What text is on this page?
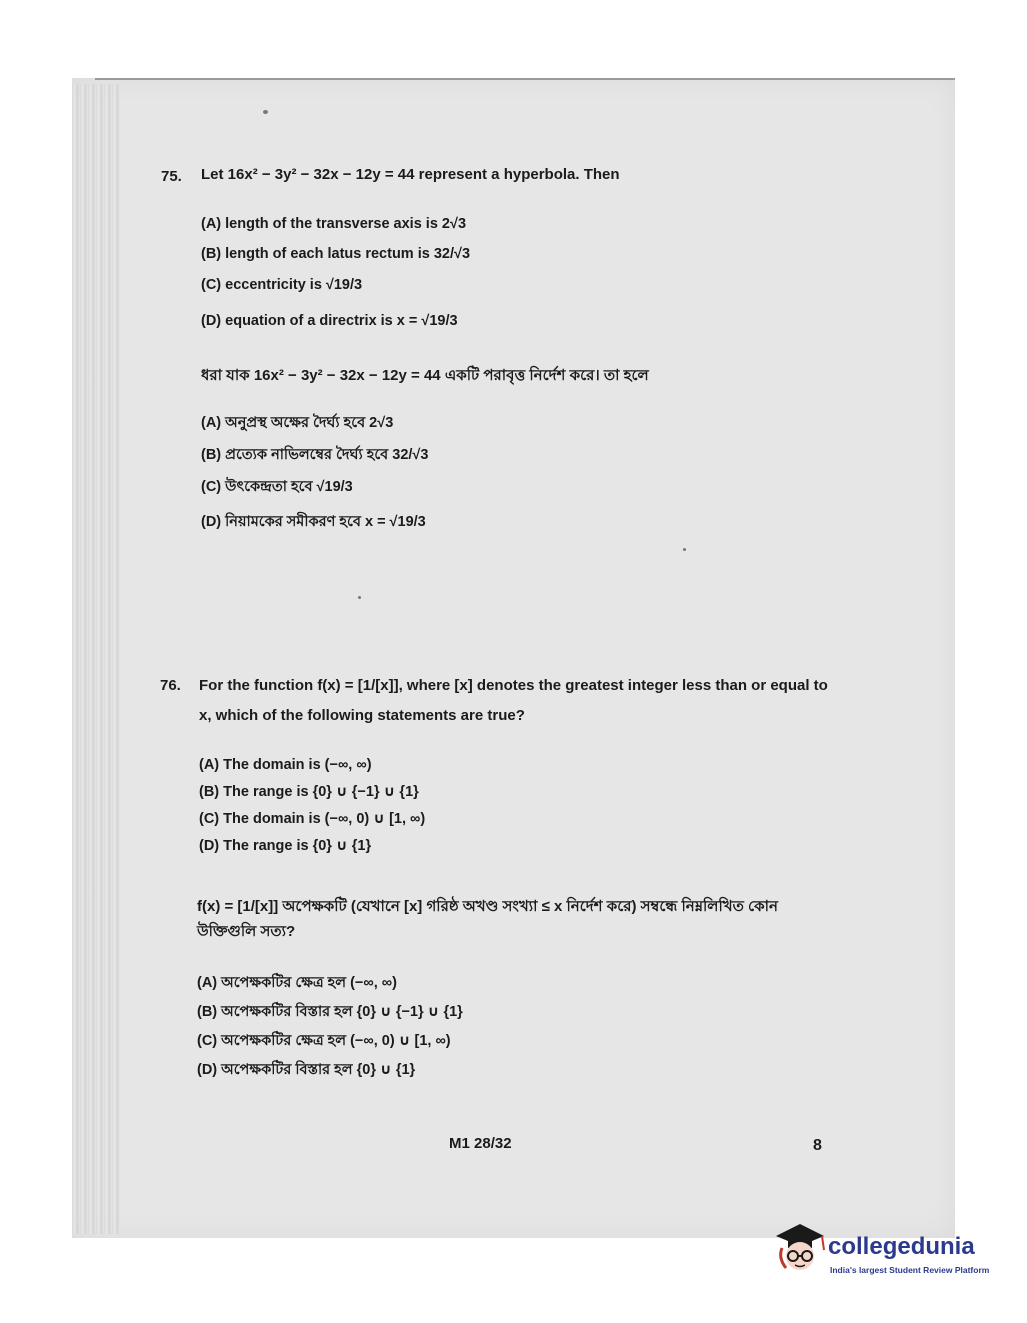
75. Let 16x² − 3y² − 32x − 12y = 44 represent a hyperbola. Then
(A) length of the transverse axis is 2√3
(B) length of each latus rectum is 32/√3
(C) eccentricity is √19/3
(D) equation of a directrix is x = √19/3
ধরা যাক 16x² − 3y² − 32x − 12y = 44 একটি পরাবৃত্ত নির্দেশ করে। তা হলে
(A) অনুপ্রস্থ অক্ষের দৈর্ঘ্য হবে 2√3
(B) প্রত্যেক নাভিলম্বের দৈর্ঘ্য হবে 32/√3
(C) উৎকেন্দ্রতা হবে √19/3
(D) নিয়ামকের সমীকরণ হবে x = √19/3
76. For the function f(x) = [1/[x]], where [x] denotes the greatest integer less than or equal to
x, which of the following statements are true?
(A) The domain is (−∞, ∞)
(B) The range is {0} ∪ {−1} ∪ {1}
(C) The domain is (−∞, 0) ∪ [1, ∞)
(D) The range is {0} ∪ {1}
f(x) = [1/[x]] অপেক্ষকটি (যেখানে [x] গরিষ্ঠ অখণ্ড সংখ্যা ≤ x নির্দেশ করে) সম্বন্ধে নিম্নলিখিত কোন
উক্তিগুলি সত্য?
(A) অপেক্ষকটির ক্ষেত্র হল (−∞, ∞)
(B) অপেক্ষকটির বিস্তার হল {0} ∪ {−1} ∪ {1}
(C) অপেক্ষকটির ক্ষেত্র হল (−∞, 0) ∪ [1, ∞)
(D) অপেক্ষকটির বিস্তার হল {0} ∪ {1}
M1 28/32	8
collegedunia
India's largest Student Review Platform
